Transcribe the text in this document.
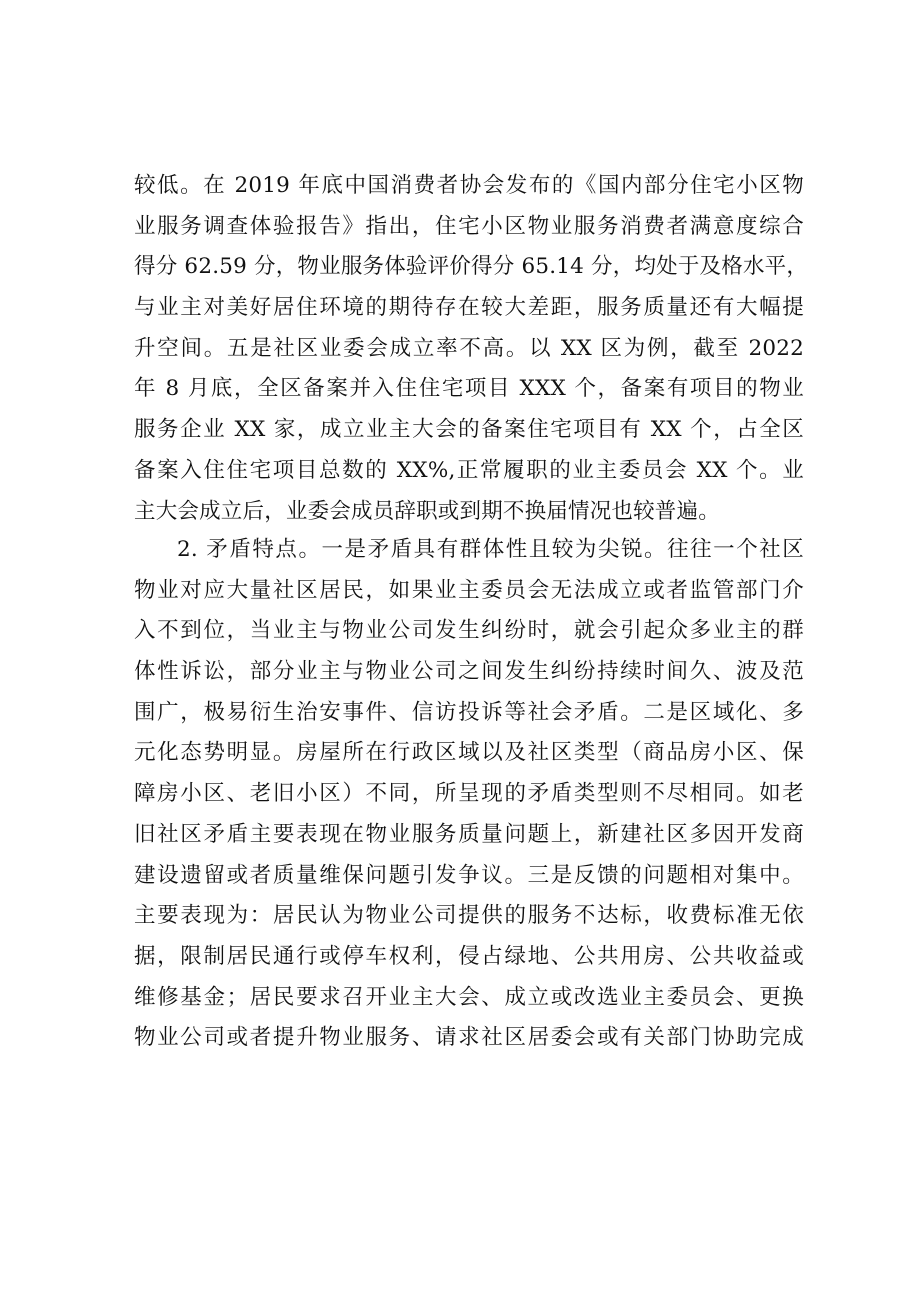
较低。在 2019 年底中国消费者协会发布的《国内部分住宅小区物
业服务调查体验报告》指出，住宅小区物业服务消费者满意度综合
得分 62.59 分，物业服务体验评价得分 65.14 分，均处于及格水平，
与业主对美好居住环境的期待存在较大差距，服务质量还有大幅提
升空间。五是社区业委会成立率不高。以 XX 区为例，截至 2022
年 8 月底，全区备案并入住住宅项目 XXX 个，备案有项目的物业
服务企业 XX 家，成立业主大会的备案住宅项目有 XX 个，占全区
备案入住住宅项目总数的 XX%,正常履职的业主委员会 XX 个。业
主大会成立后，业委会成员辞职或到期不换届情况也较普遍。
2. 矛盾特点。一是矛盾具有群体性且较为尖锐。往往一个社区
物业对应大量社区居民，如果业主委员会无法成立或者监管部门介
入不到位，当业主与物业公司发生纠纷时，就会引起众多业主的群
体性诉讼，部分业主与物业公司之间发生纠纷持续时间久、波及范
围广，极易衍生治安事件、信访投诉等社会矛盾。二是区域化、多
元化态势明显。房屋所在行政区域以及社区类型（商品房小区、保
障房小区、老旧小区）不同，所呈现的矛盾类型则不尽相同。如老
旧社区矛盾主要表现在物业服务质量问题上，新建社区多因开发商
建设遗留或者质量维保问题引发争议。三是反馈的问题相对集中。
主要表现为：居民认为物业公司提供的服务不达标，收费标准无依
据，限制居民通行或停车权利，侵占绿地、公共用房、公共收益或
维修基金；居民要求召开业主大会、成立或改选业主委员会、更换
物业公司或者提升物业服务、请求社区居委会或有关部门协助完成
